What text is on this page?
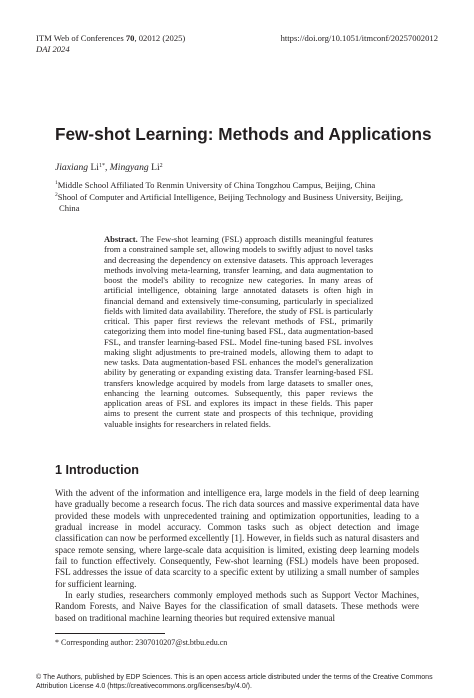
ITM Web of Conferences 70, 02012 (2025)
DAI 2024
https://doi.org/10.1051/itmconf/20257002012
Few-shot Learning: Methods and Applications
Jiaxiang $Li^{1*}$, Mingyang Li$^2$
$^1$Middle School Affiliated To Renmin University of China Tongzhou Campus, Beijing, China
$^2$Shool of Computer and Artificial Intelligence, Beijing Technology and Business University, Beijing,
China
Abstract. The Few-shot learning (FSL) approach distills meaningful features from a constrained sample set, allowing models to swiftly adjust to novel tasks and decreasing the dependency on extensive datasets. This approach leverages methods involving meta-learning, transfer learning, and data augmentation to boost the model's ability to recognize new categories. In many areas of artificial intelligence, obtaining large annotated datasets is often high in financial demand and extensively time-consuming, particularly in specialized fields with limited data availability. Therefore, the study of FSL is particularly critical. This paper first reviews the relevant methods of FSL, primarily categorizing them into model fine-tuning based FSL, data augmentation-based FSL, and transfer learning-based FSL. Model fine-tuning based FSL involves making slight adjustments to pre-trained models, allowing them to adapt to new tasks. Data augmentation-based FSL enhances the model's generalization ability by generating or expanding existing data. Transfer learning-based FSL transfers knowledge acquired by models from large datasets to smaller ones, enhancing the learning outcomes. Subsequently, this paper reviews the application areas of FSL and explores its impact in these fields. This paper aims to present the current state and prospects of this technique, providing valuable insights for researchers in related fields.
1 Introduction
With the advent of the information and intelligence era, large models in the field of deep learning have gradually become a research focus. The rich data sources and massive experimental data have provided these models with unprecedented training and optimization opportunities, leading to a gradual increase in model accuracy. Common tasks such as object detection and image classification can now be performed excellently [1]. However, in fields such as natural disasters and space remote sensing, where large-scale data acquisition is limited, existing deep learning models fail to function effectively. Consequently, Few-shot learning (FSL) models have been proposed. FSL addresses the issue of data scarcity to a specific extent by utilizing a small number of samples for sufficient learning.
In early studies, researchers commonly employed methods such as Support Vector Machines, Random Forests, and Naive Bayes for the classification of small datasets. These methods were based on traditional machine learning theories but required extensive manual
* Corresponding author: 2307010207@st.btbu.edu.cn
© The Authors, published by EDP Sciences. This is an open access article distributed under the terms of the Creative Commons Attribution License 4.0 (https://creativecommons.org/licenses/by/4.0/).
